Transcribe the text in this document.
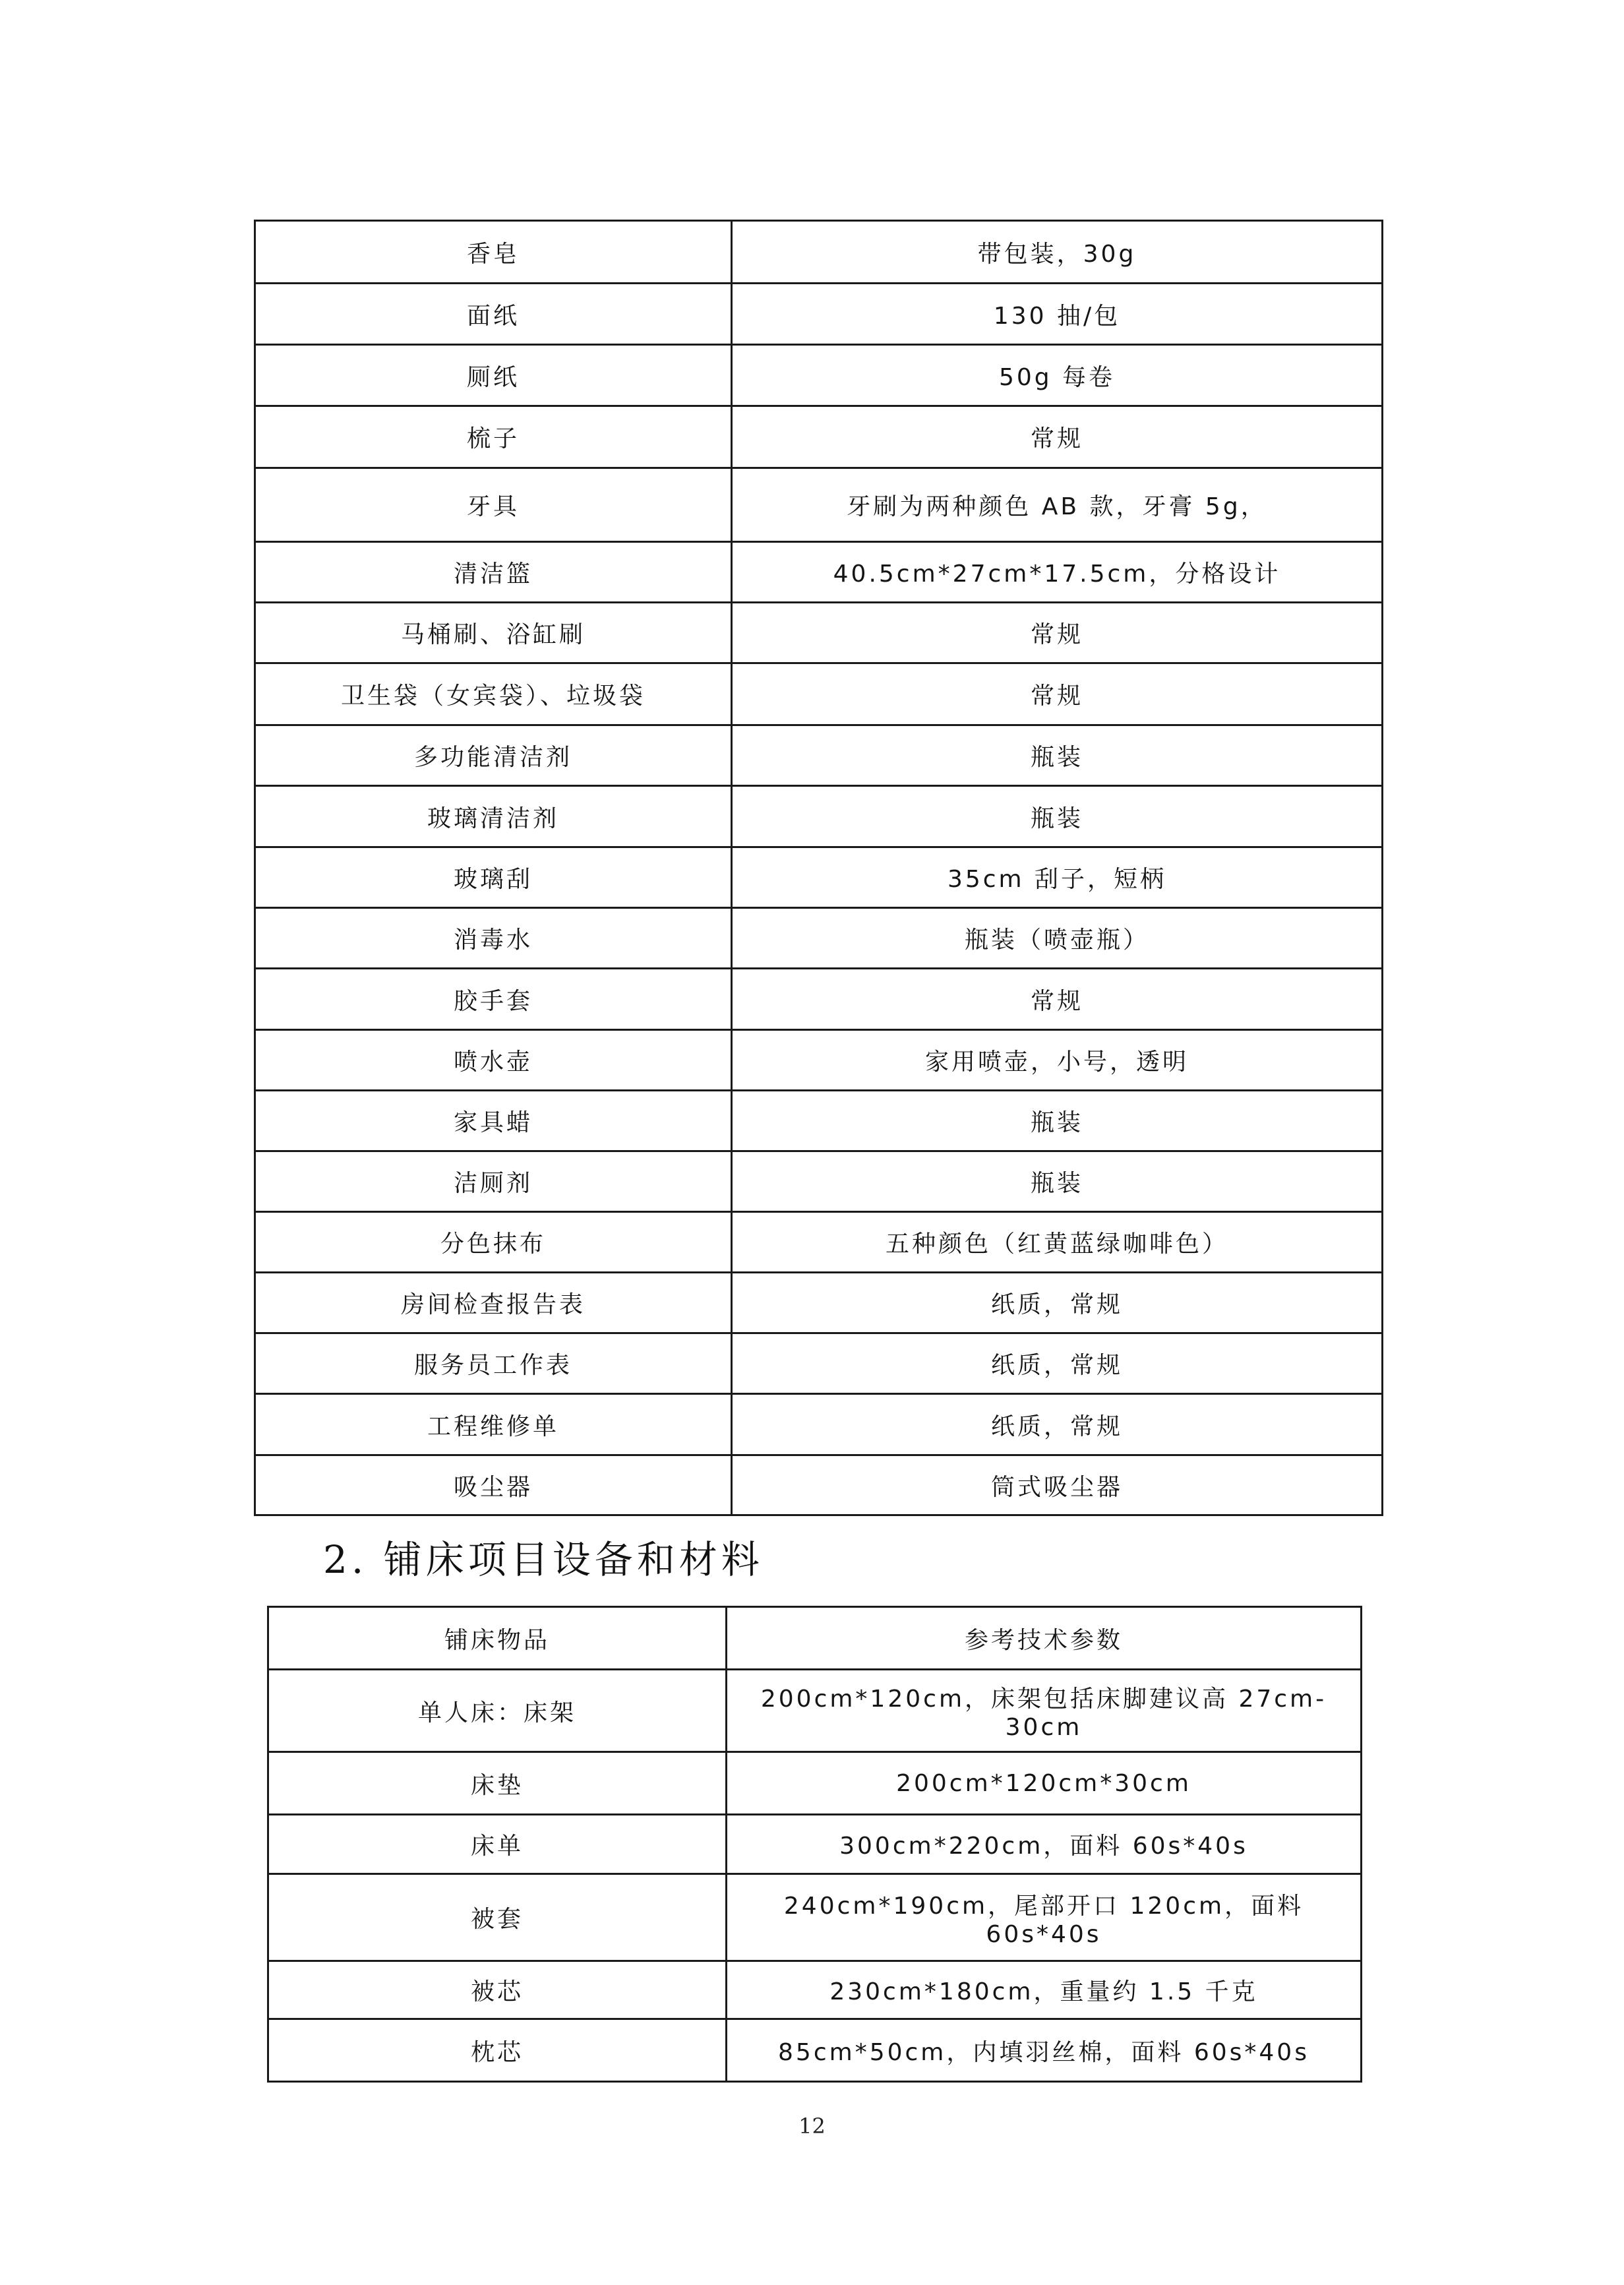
香皂	带包装，30g
面纸	130 抽/包
厕纸	50g 每卷
梳子	常规
牙具	牙刷为两种颜色 AB 款，牙膏 5g，
清洁篮	40.5cm*27cm*17.5cm，分格设计
马桶刷、浴缸刷	常规
卫生袋（女宾袋）、垃圾袋	常规
多功能清洁剂	瓶装
玻璃清洁剂	瓶装
玻璃刮	35cm 刮子，短柄
消毒水	瓶装（喷壶瓶）
胶手套	常规
喷水壶	家用喷壶，小号，透明
家具蜡	瓶装
洁厕剂	瓶装
分色抹布	五种颜色（红黄蓝绿咖啡色）
房间检查报告表	纸质，常规
服务员工作表	纸质，常规
工程维修单	纸质，常规
吸尘器	筒式吸尘器
2. 铺床项目设备和材料
铺床物品	参考技术参数
单人床：床架	200cm*120cm，床架包括床脚建议高 27cm-30cm
床垫	200cm*120cm*30cm
床单	300cm*220cm，面料 60s*40s
被套	240cm*190cm，尾部开口 120cm，面料 60s*40s
被芯	230cm*180cm，重量约 1.5 千克
枕芯	85cm*50cm，内填羽丝棉，面料 60s*40s
12
